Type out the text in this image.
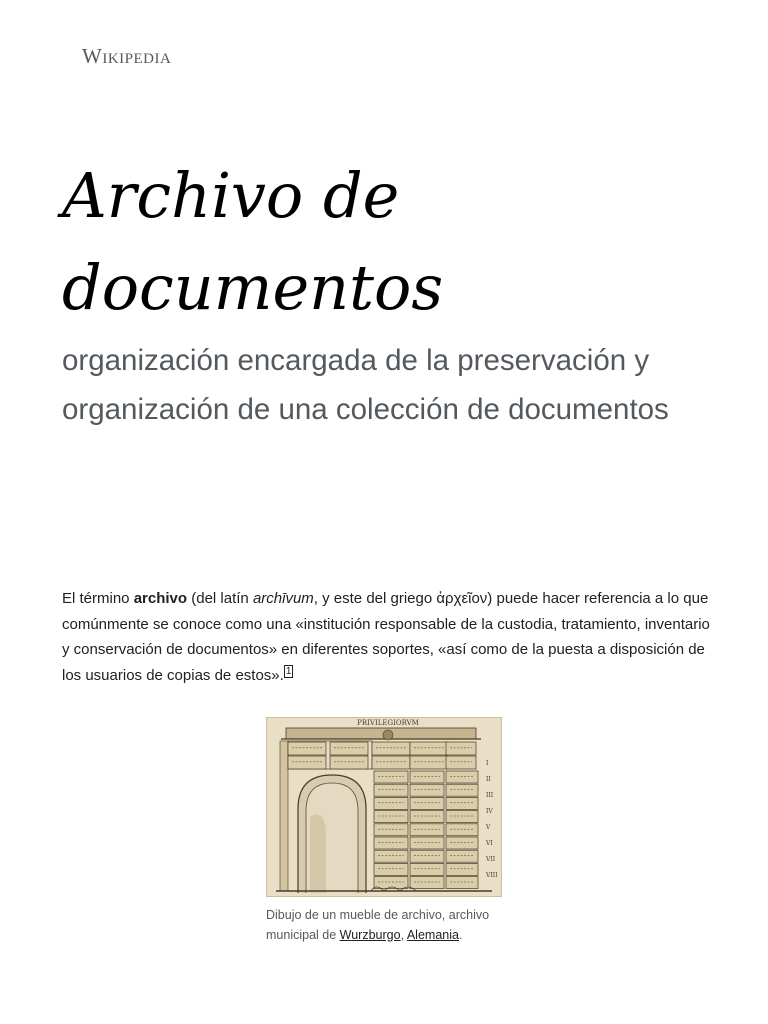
Wikipedia
Archivo de documentos

organización encargada de la preservación y organización de una colección de documentos

El término archivo (del latín archīvum, y este del griego ἀρχεῖον) puede hacer referencia a lo que comúnmente se conoce como una «institución responsable de la custodia, tratamiento, inventario y conservación de documentos» en diferentes soportes, «así como de la puesta a disposición de los usuarios de copias de estos». $^1$

PRIVILEGIORVM
I
II
III
IV
V
VI
VII
VIII
Dibujo de un mueble de archivo, archivo municipal de Wurzburgo, Alemania.
